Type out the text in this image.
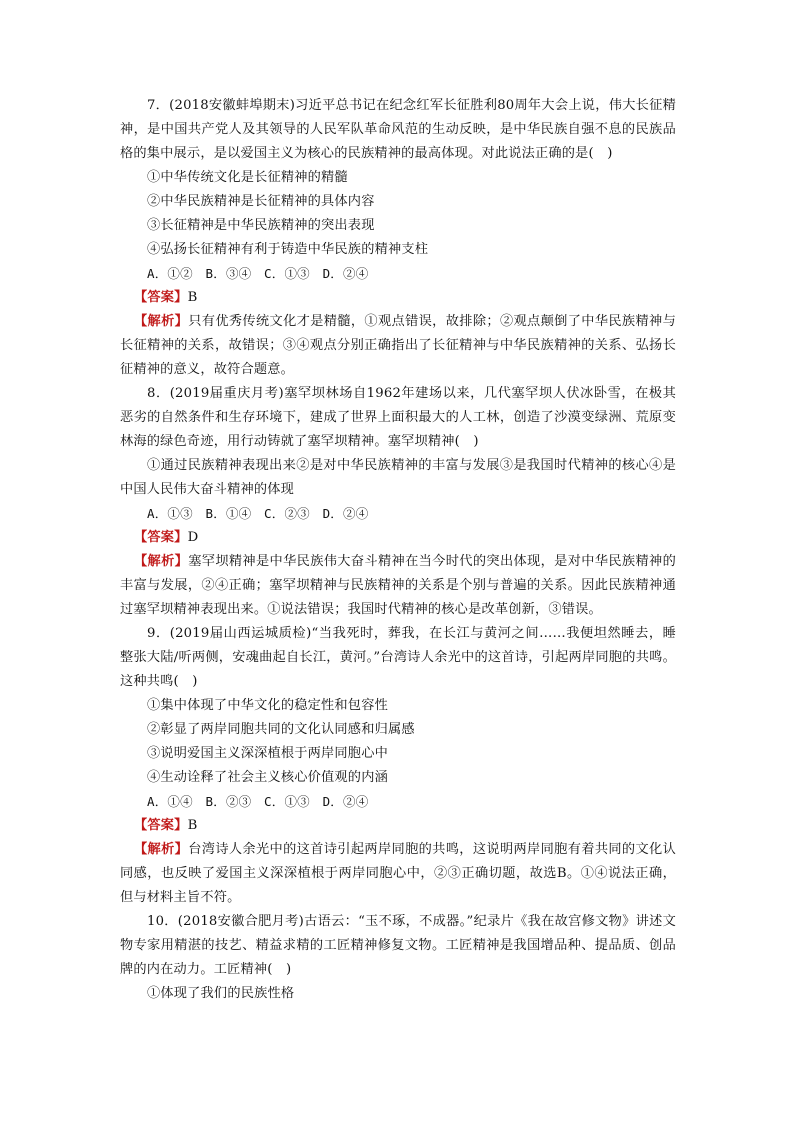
7．(2018安徽蚌埠期末)习近平总书记在纪念红军长征胜利80周年大会上说，伟大长征精神，是中国共产党人及其领导的人民军队革命风范的生动反映，是中华民族自强不息的民族品格的集中展示，是以爱国主义为核心的民族精神的最高体现。对此说法正确的是(　)

①中华传统文化是长征精神的精髓

②中华民族精神是长征精神的具体内容

③长征精神是中华民族精神的突出表现

④弘扬长征精神有利于铸造中华民族的精神支柱

A．①②　B．③④　C．①③　D．②④

【答案】B

【解析】只有优秀传统文化才是精髓，①观点错误，故排除；②观点颠倒了中华民族精神与长征精神的关系，故错误；③④观点分别正确指出了长征精神与中华民族精神的关系、弘扬长征精神的意义，故符合题意。

8．(2019届重庆月考)塞罕坝林场自1962年建场以来，几代塞罕坝人伏冰卧雪，在极其恶劣的自然条件和生存环境下，建成了世界上面积最大的人工林，创造了沙漠变绿洲、荒原变林海的绿色奇迹，用行动铸就了塞罕坝精神。塞罕坝精神(　)

①通过民族精神表现出来②是对中华民族精神的丰富与发展③是我国时代精神的核心④是中国人民伟大奋斗精神的体现

A．①③　B．①④　C．②③　D．②④

【答案】D

【解析】塞罕坝精神是中华民族伟大奋斗精神在当今时代的突出体现，是对中华民族精神的丰富与发展，②④正确；塞罕坝精神与民族精神的关系是个别与普遍的关系。因此民族精神通过塞罕坝精神表现出来。①说法错误；我国时代精神的核心是改革创新，③错误。

9．(2019届山西运城质检)“当我死时，葬我，在长江与黄河之间……我便坦然睡去，睡整张大陆/听两侧，安魂曲起自长江，黄河。”台湾诗人余光中的这首诗，引起两岸同胞的共鸣。这种共鸣(　)

①集中体现了中华文化的稳定性和包容性

②彰显了两岸同胞共同的文化认同感和归属感

③说明爱国主义深深植根于两岸同胞心中

④生动诠释了社会主义核心价值观的内涵

A．①④　B．②③　C．①③　D．②④

【答案】B

【解析】台湾诗人余光中的这首诗引起两岸同胞的共鸣，这说明两岸同胞有着共同的文化认同感，也反映了爱国主义深深植根于两岸同胞心中，②③正确切题，故选B。①④说法正确，但与材料主旨不符。

10．(2018安徽合肥月考)古语云：“玉不琢，不成器。”纪录片《我在故宫修文物》讲述文物专家用精湛的技艺、精益求精的工匠精神修复文物。工匠精神是我国增品种、提品质、创品牌的内在动力。工匠精神(　)

①体现了我们的民族性格
